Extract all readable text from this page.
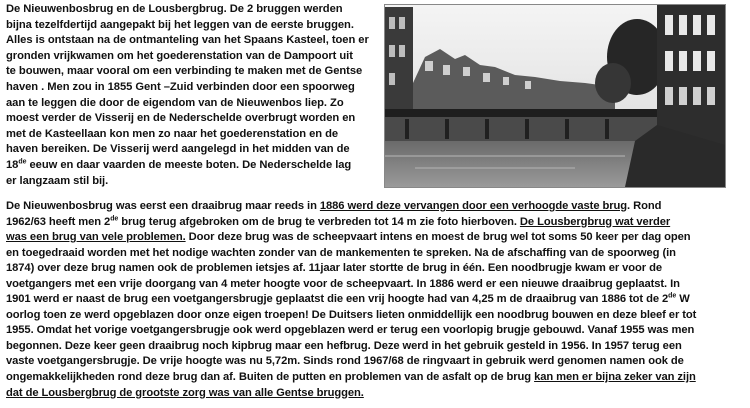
De Nieuwenbosbrug en de Lousbergbrug. De 2 bruggen werden

bijna tezelfdertijd aangepakt bij het leggen van de eerste bruggen.

Alles is ontstaan na de ontmanteling van het Spaans Kasteel, toen er

gronden vrijkwamen om het goederenstation van de Dampoort uit

te bouwen, maar vooral om een verbinding te maken met de Gentse

haven . Men zou in 1855 Gent –Zuid verbinden door een spoorweg

aan te leggen die door de eigendom van de Nieuwenbos liep. Zo

moest verder de Visserij en de Nederschelde overbrugt worden en

met de Kasteellaan kon men zo naar het goederenstation en de

haven bereiken. De Visserij werd aangelegd in het midden van de

18de eeuw en daar vaarden de meeste boten. De Nederschelde lag

er langzaam stil bij.

De Nieuwenbosbrug was eerst een draaibrug maar reeds in 1886 werd deze vervangen door een verhoogde vaste brug. Rond

1962/63 heeft men 2de brug terug afgebroken om de brug te verbreden tot 14 m zie foto hierboven. De Lousbergbrug wat verder

was een brug van vele problemen. Door deze brug was de scheepvaart intens en moest de brug wel tot soms 50 keer per dag open

en toegedraaid worden met het nodige wachten zonder van de mankementen te spreken. Na de afschaffing van de spoorweg (in

1874) over deze brug namen ook de problemen ietsjes af. 11jaar later stortte de brug in één. Een noodbrugje kwam er voor de

voetgangers met een vrije doorgang van 4 meter hoogte voor de scheepvaart. In 1886 werd er een nieuwe draaibrug geplaatst. In

1901 werd er naast de brug een voetgangersbrugje geplaatst die een vrij hoogte had van 4,25 m de draaibrug van 1886 tot de 2de W

oorlog toen ze werd opgeblazen door onze eigen troepen! De Duitsers lieten onmiddellijk een noodbrug bouwen en deze bleef er tot

1955. Omdat het vorige voetgangersbrugje ook werd opgeblazen werd er terug een voorlopig brugje gebouwd. Vanaf 1955 was men

begonnen. Deze keer geen draaibrug noch kipbrug maar een hefbrug. Deze werd in het gebruik gesteld in 1956. In 1957 terug een

vaste voetgangersbrugje. De vrije hoogte was nu 5,72m. Sinds rond 1967/68 de ringvaart in gebruik werd genomen namen ook de

ongemakkelijkheden rond deze brug dan af. Buiten de putten en problemen van de asfalt op de brug kan men er bijna zeker van zijn

dat de Lousbergbrug de grootste zorg was van alle Gentse bruggen.
